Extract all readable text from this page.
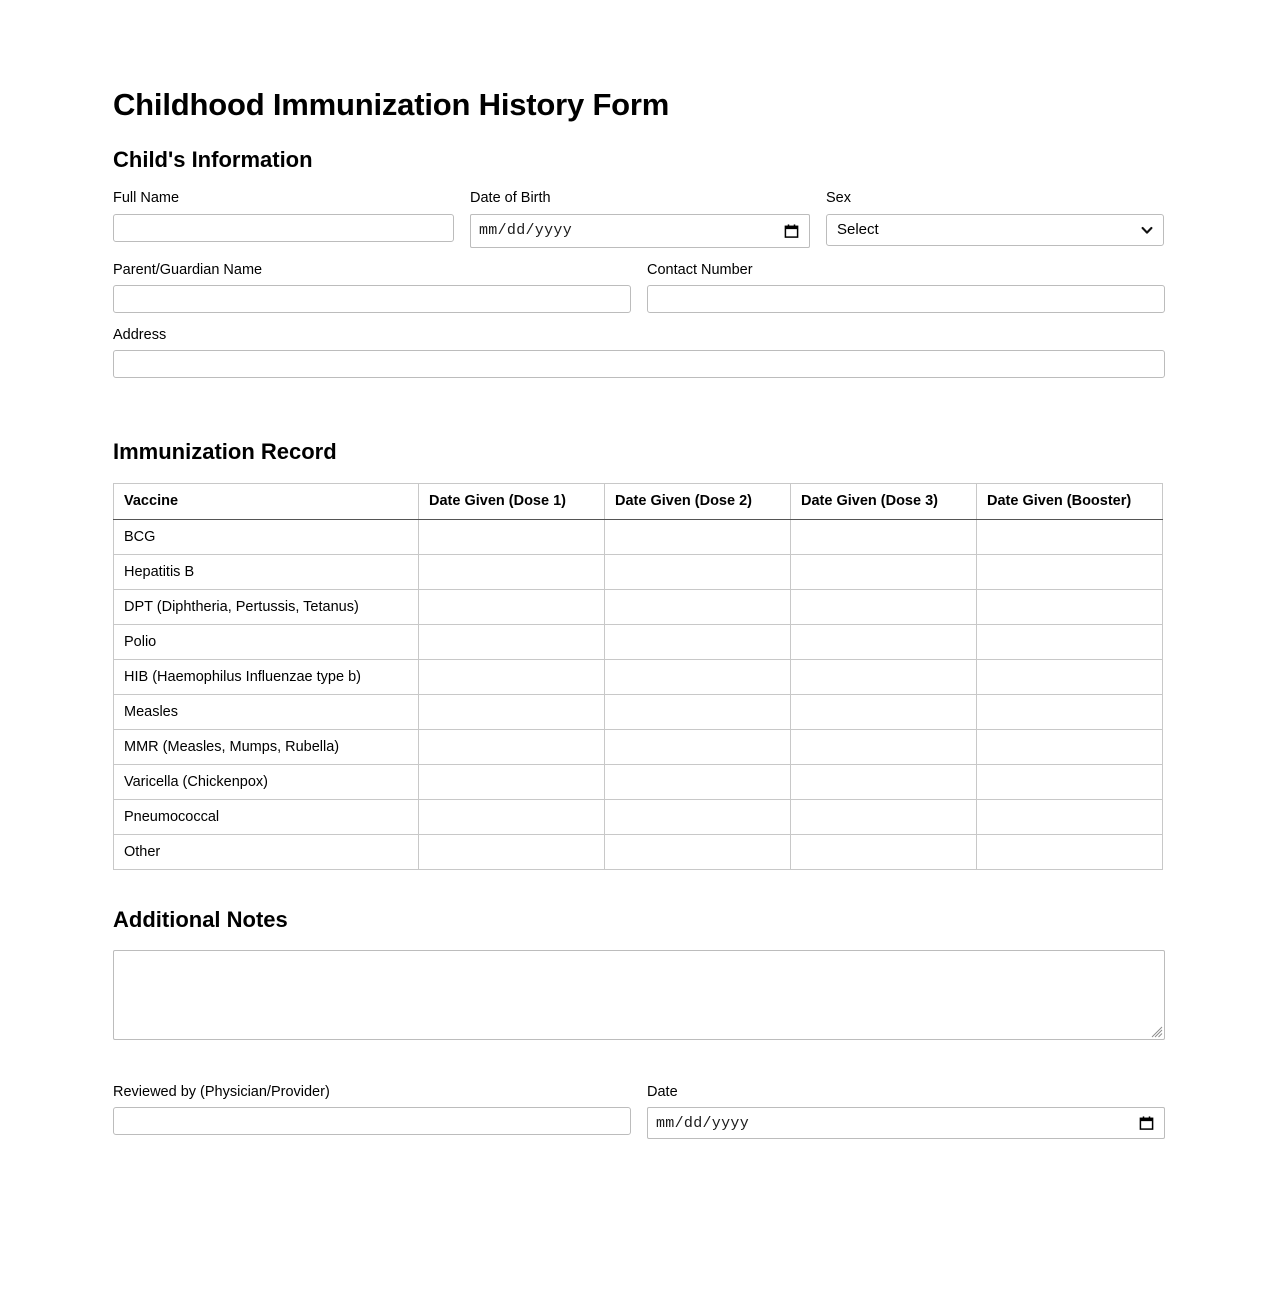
Childhood Immunization History Form
Child's Information
Full Name	Date of Birth
mm/dd/yyyy
Sex
Select
Parent/Guardian Name	Contact Number
Address
Immunization Record
Vaccine	Date Given (Dose 1)	Date Given (Dose 2)	Date Given (Dose 3)	Date Given (Booster)
BCG				
Hepatitis B				
DPT (Diphtheria, Pertussis, Tetanus)				
Polio				
HIB (Haemophilus Influenzae type b)				
Measles				
MMR (Measles, Mumps, Rubella)				
Varicella (Chickenpox)				
Pneumococcal				
Other				
Additional Notes
Reviewed by (Physician/Provider)	Date
mm/dd/yyyy
